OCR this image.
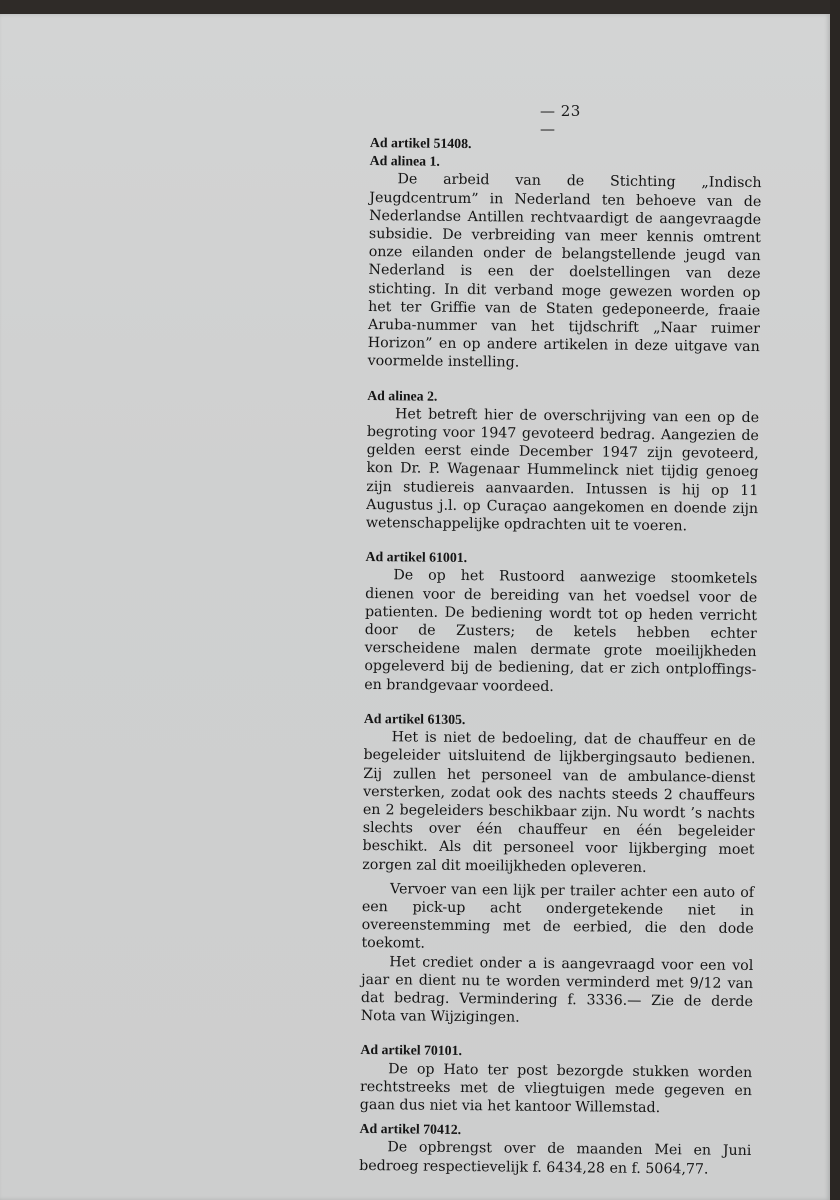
— 23 —

Ad artikel 51408.

Ad alinea 1.

De arbeid van de Stichting „Indisch Jeugdcentrum” in Nederland ten behoeve van de Nederlandse Antillen rechtvaardigt de aangevraagde subsidie. De verbreiding van meer kennis omtrent onze eilanden onder de belangstellende jeugd van Nederland is een der doelstellingen van deze stichting. In dit verband moge gewezen worden op het ter Griffie van de Staten gedeponeerde, fraaie Aruba-nummer van het tijdschrift „Naar ruimer Horizon” en op andere artikelen in deze uitgave van voormelde instelling.

Ad alinea 2.

Het betreft hier de overschrijving van een op de begroting voor 1947 gevoteerd bedrag. Aangezien de gelden eerst einde December 1947 zijn gevoteerd, kon Dr. P. Wagenaar Hummelinck niet tijdig genoeg zijn studiereis aanvaarden. Intussen is hij op 11 Augustus j.l. op Curaçao aangekomen en doende zijn wetenschappelijke opdrachten uit te voeren.

Ad artikel 61001.

De op het Rustoord aanwezige stoomketels dienen voor de bereiding van het voedsel voor de patienten. De bediening wordt tot op heden verricht door de Zusters; de ketels hebben echter verscheidene malen dermate grote moeilijkheden opgeleverd bij de bediening, dat er zich ontploffings- en brandgevaar voordeed.

Ad artikel 61305.

Het is niet de bedoeling, dat de chauffeur en de begeleider uitsluitend de lijkbergingsauto bedienen. Zij zullen het personeel van de ambulance-dienst versterken, zodat ook des nachts steeds 2 chauffeurs en 2 begeleiders beschikbaar zijn. Nu wordt ’s nachts slechts over één chauffeur en één begeleider beschikt. Als dit personeel voor lijkberging moet zorgen zal dit moeilijkheden opleveren.

Vervoer van een lijk per trailer achter een auto of een pick-up acht ondergetekende niet in overeenstemming met de eerbied, die den dode toekomt.

Het crediet onder a is aangevraagd voor een vol jaar en dient nu te worden verminderd met 9/12 van dat bedrag. Vermindering f. 3336.— Zie de derde Nota van Wijzigingen.

Ad artikel 70101.

De op Hato ter post bezorgde stukken worden rechtstreeks met de vliegtuigen mede gegeven en gaan dus niet via het kantoor Willemstad.

Ad artikel 70412.

De opbrengst over de maanden Mei en Juni bedroeg respectievelijk f. 6434,28 en f. 5064,77.
